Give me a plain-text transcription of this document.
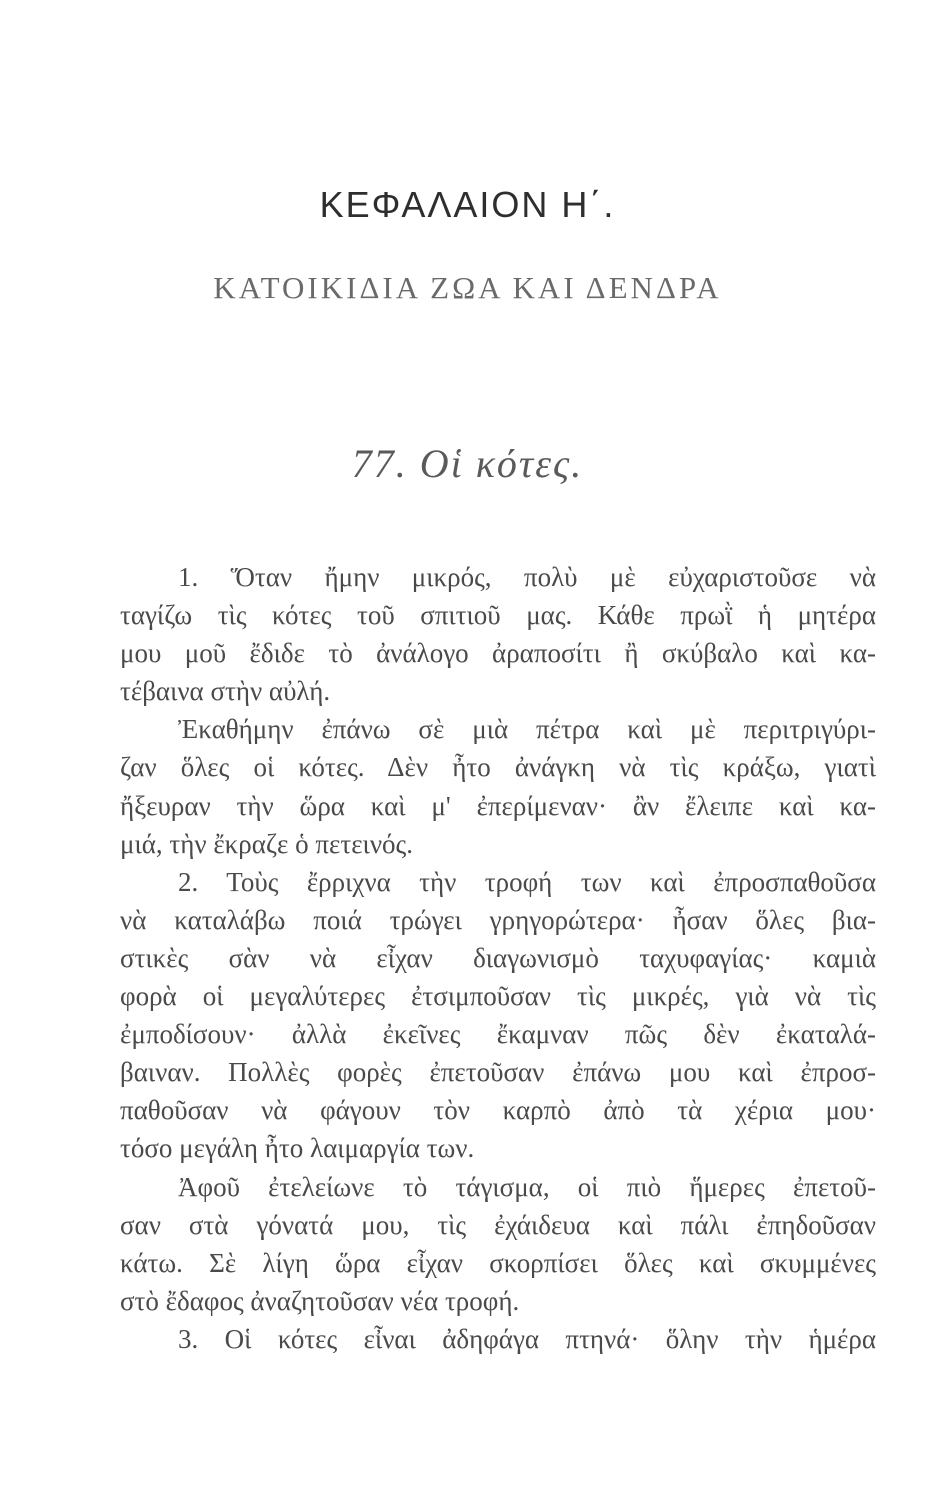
ΚΕΦΑΛΑΙΟΝ Η΄.
ΚΑΤΟΙΚΙΔΙΑ ΖΩΑ ΚΑΙ ΔΕΝΔΡΑ
77. Οἱ κότες.
1. Ὅταν ἤμην μικρός, πολὺ μὲ εὐχαριστοῦσε νὰ
ταγίζω τὶς κότες τοῦ σπιτιοῦ μας. Κάθε πρωῒ ἡ μητέρα
μου μοῦ ἔδιδε τὸ ἀνάλογο ἀραποσίτι ἢ σκύβαλο καὶ κα-
τέβαινα στὴν αὐλή.
Ἐκαθήμην ἐπάνω σὲ μιὰ πέτρα καὶ μὲ περιτριγύρι-
ζαν ὅλες οἱ κότες. Δὲν ἦτο ἀνάγκη νὰ τὶς κράξω, γιατὶ
ἤξευραν τὴν ὥρα καὶ μ' ἐπερίμεναν· ἂν ἔλειπε καὶ κα-
μιά, τὴν ἔκραζε ὁ πετεινός.
2. Τοὺς ἔρριχνα τὴν τροφή των καὶ ἐπροσπαθοῦσα
νὰ καταλάβω ποιά τρώγει γρηγορώτερα· ἦσαν ὅλες βια-
στικὲς σὰν νὰ εἶχαν διαγωνισμὸ ταχυφαγίας· καμιὰ
φορὰ οἱ μεγαλύτερες ἐτσιμποῦσαν τὶς μικρές, γιὰ νὰ τὶς
ἐμποδίσουν· ἀλλὰ ἐκεῖνες ἔκαμναν πῶς δὲν ἐκαταλά-
βαιναν. Πολλὲς φορὲς ἐπετοῦσαν ἐπάνω μου καὶ ἐπροσ-
παθοῦσαν νὰ φάγουν τὸν καρπὸ ἀπὸ τὰ χέρια μου·
τόσο μεγάλη ἦτο λαιμαργία των.
Ἀφοῦ ἐτελείωνε τὸ τάγισμα, οἱ πιὸ ἥμερες ἐπετοῦ-
σαν στὰ γόνατά μου, τὶς ἐχάιδευα καὶ πάλι ἐπηδοῦσαν
κάτω. Σὲ λίγη ὥρα εἶχαν σκορπίσει ὅλες καὶ σκυμμένες
στὸ ἔδαφος ἀναζητοῦσαν νέα τροφή.
3. Οἱ κότες εἶναι ἀδηφάγα πτηνά· ὅλην τὴν ἡμέρα
